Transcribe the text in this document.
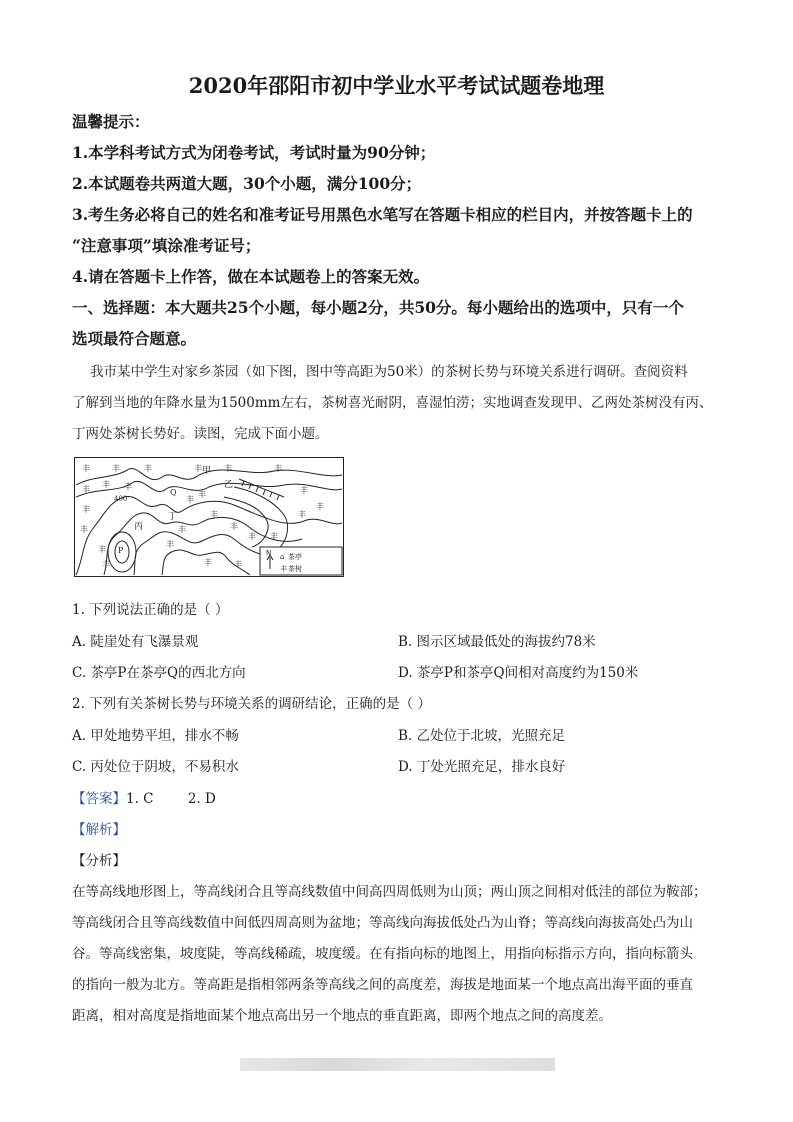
2020年邵阳市初中学业水平考试试题卷地理
温馨提示：
1.本学科考试方式为闭卷考试，考试时量为90分钟；
2.本试题卷共两道大题，30个小题，满分100分；
3.考生务必将自己的姓名和准考证号用黑色水笔写在答题卡相应的栏目内，并按答题卡上的
“注意事项”填涂准考证号；
4.请在答题卡上作答，做在本试题卷上的答案无效。
一、选择题：本大题共25个小题，每小题2分，共50分。每小题给出的选项中，只有一个
选项最符合题意。
我市某中学生对家乡茶园（如下图，图中等高距为50米）的茶树长势与环境关系进行调研。查阅资料
了解到当地的年降水量为1500mm左右，茶树喜光耐阴，喜湿怕涝；实地调查发现甲、乙两处茶树没有丙、
丁两处茶树长势好。读图，完成下面小题。
丰	丰	丰	丰	丰	丰
丰
丰 丰
丰
丰
丰
丰
丰
丰
丰
丰
丰 丰
丰
丰
丰
丰	丰
丰
丰
甲
丙
丁
乙
P
Q
400
N ⌂ 茶亭
丰 茶树
1. 下列说法正确的是（ ）
A. 陡崖处有飞瀑景观	B. 图示区域最低处的海拔约78米
C. 茶亭P在茶亭Q的西北方向	D. 茶亭P和茶亭Q间相对高度约为150米
2. 下列有关茶树长势与环境关系的调研结论，正确的是（ ）
A. 甲处地势平坦，排水不畅	B. 乙处位于北坡，光照充足
C. 丙处位于阴坡，不易积水	D. 丁处光照充足，排水良好
【答案】1. C        2. D
【解析】
【分析】
在等高线地形图上，等高线闭合且等高线数值中间高四周低则为山顶；两山顶之间相对低洼的部位为鞍部；
等高线闭合且等高线数值中间低四周高则为盆地；等高线向海拔低处凸为山脊；等高线向海拔高处凸为山
谷。等高线密集，坡度陡，等高线稀疏，坡度缓。在有指向标的地图上，用指向标指示方向，指向标箭头
的指向一般为北方。等高距是指相邻两条等高线之间的高度差，海拔是地面某一个地点高出海平面的垂直
距离，相对高度是指地面某个地点高出另一个地点的垂直距离，即两个地点之间的高度差。
